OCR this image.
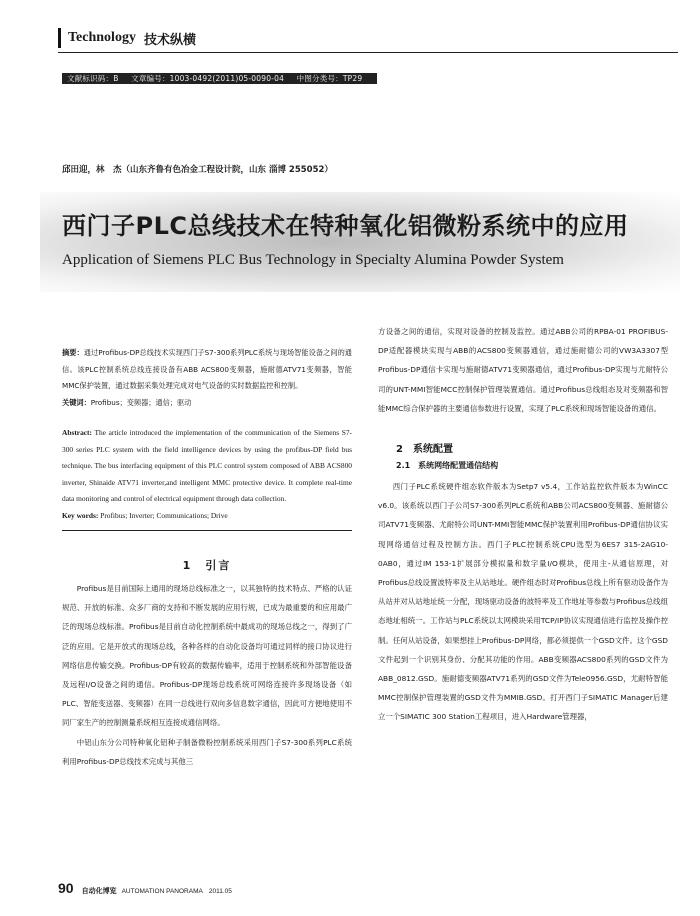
Technology 技术纵横
文献标识码：B 文章编号：1003-0492(2011)05-0090-04 中图分类号：TP29
邱田迎，林　杰（山东齐鲁有色冶金工程设计院，山东 淄博 255052）
西门子PLC总线技术在特种氧化铝微粉系统中的应用
Application of Siemens PLC Bus Technology in Specialty Alumina Powder System

摘要：通过Profibus-DP总线技术实现西门子S7-300系列PLC系统与现场智能设备之间的通信。该PLC控制系统总线连接设备有ABB ACS800变频器，施耐德ATV71变频器，智能MMC保护装置，通过数据采集处理完成对电气设备的实时数据监控和控制。

关键词：Profibus；变频器；通信；驱动

Abstract: The article introduced the implementation of the communication of the Siemens S7-300 series PLC system with the field intelligence devices by using the profibus-DP field bus technique. The bus interfacing equipment of this PLC control system composed of ABB ACS800 inverter, Shinaide ATV71 inverter,and intelligent MMC protective device. It complete real-time data monitoring and control of electrical equipment through data collection.

Key words: Profibus; Inverter; Communications; Drive

1　引言

Profibus是目前国际上通用的现场总线标准之一，以其独特的技术特点、严格的认证规范、开放的标准、众多厂商的支持和不断发展的应用行规，已成为最重要的和应用最广泛的现场总线标准。Profibus是目前自动化控制系统中最成功的现场总线之一，得到了广泛的应用。它是开放式的现场总线，各种各样的自动化设备均可通过同样的接口协议进行网络信息传输交换。Profibus-DP有较高的数据传输率，适用于控制系统和外部智能设备及远程I/O设备之间的通信。Profibus-DP现场总线系统可网络连接许多现场设备（如PLC、智能变送器、变频器）在同一总线进行双向多信息数字通信，因此可方便地使用不同厂家生产的控制测量系统相互连接成通信网络。

中铝山东分公司特种氧化铝种子制备微粉控制系统采用西门子S7-300系列PLC系统利用Profibus-DP总线技术完成与其他三

方设备之间的通信，实现对设备的控制及监控。通过ABB公司的RPBA-01 PROFIBUS-DP适配器模块实现与ABB的ACS800变频器通信，通过施耐德公司的VW3A3307型Profibus-DP通信卡实现与施耐德ATV71变频器通信，通过Profibus-DP实现与尤耐特公司的UNT-MMI智能MCC控制保护管理装置通信。通过Profibus总线组态及对变频器和智能MMC综合保护器的主要通信参数进行设置，实现了PLC系统和现场智能设备的通信。

2　系统配置
2.1　系统网络配置通信结构

西门子PLC系统硬件组态软件版本为Setp7 v5.4，工作站监控软件版本为WinCC v6.0。该系统以西门子公司S7-300系列PLC系统和ABB公司ACS800变频器、施耐德公司ATV71变频器、尤耐特公司UNT-MMI智能MMC保护装置利用Profibus-DP通信协议实现网络通信过程及控制方法。西门子PLC控制系统CPU选型为6ES7 315-2AG10-0AB0，通过IM 153-1扩展部分模拟量和数字量I/O模块，使用主-从通信原理，对Profibus总线设置波特率及主从站地址。硬件组态时对Profibus总线上所有驱动设备作为从站并对从站地址统一分配，现场驱动设备的波特率及工作地址等参数与Profibus总线组态地址相统一。工作站与PLC系统以太网模块采用TCP/IP协议实现通信进行监控及操作控制。任何从站设备，如果想挂上Profibus-DP网络，都必须提供一个GSD文件。这个GSD文件起到一个识别其身份、分配其功能的作用。ABB变频器ACS800系列的GSD文件为ABB_0812.GSD。施耐德变频器ATV71系列的GSD文件为Tele0956.GSD，尤耐特智能MMC控制保护管理装置的GSD文件为MMIB.GSD。打开西门子SIMATIC Manager后建立一个SIMATIC 300 Station工程项目，进入Hardware管理器，

90 自动化博览 AUTOMATION PANORAMA 2011.05
